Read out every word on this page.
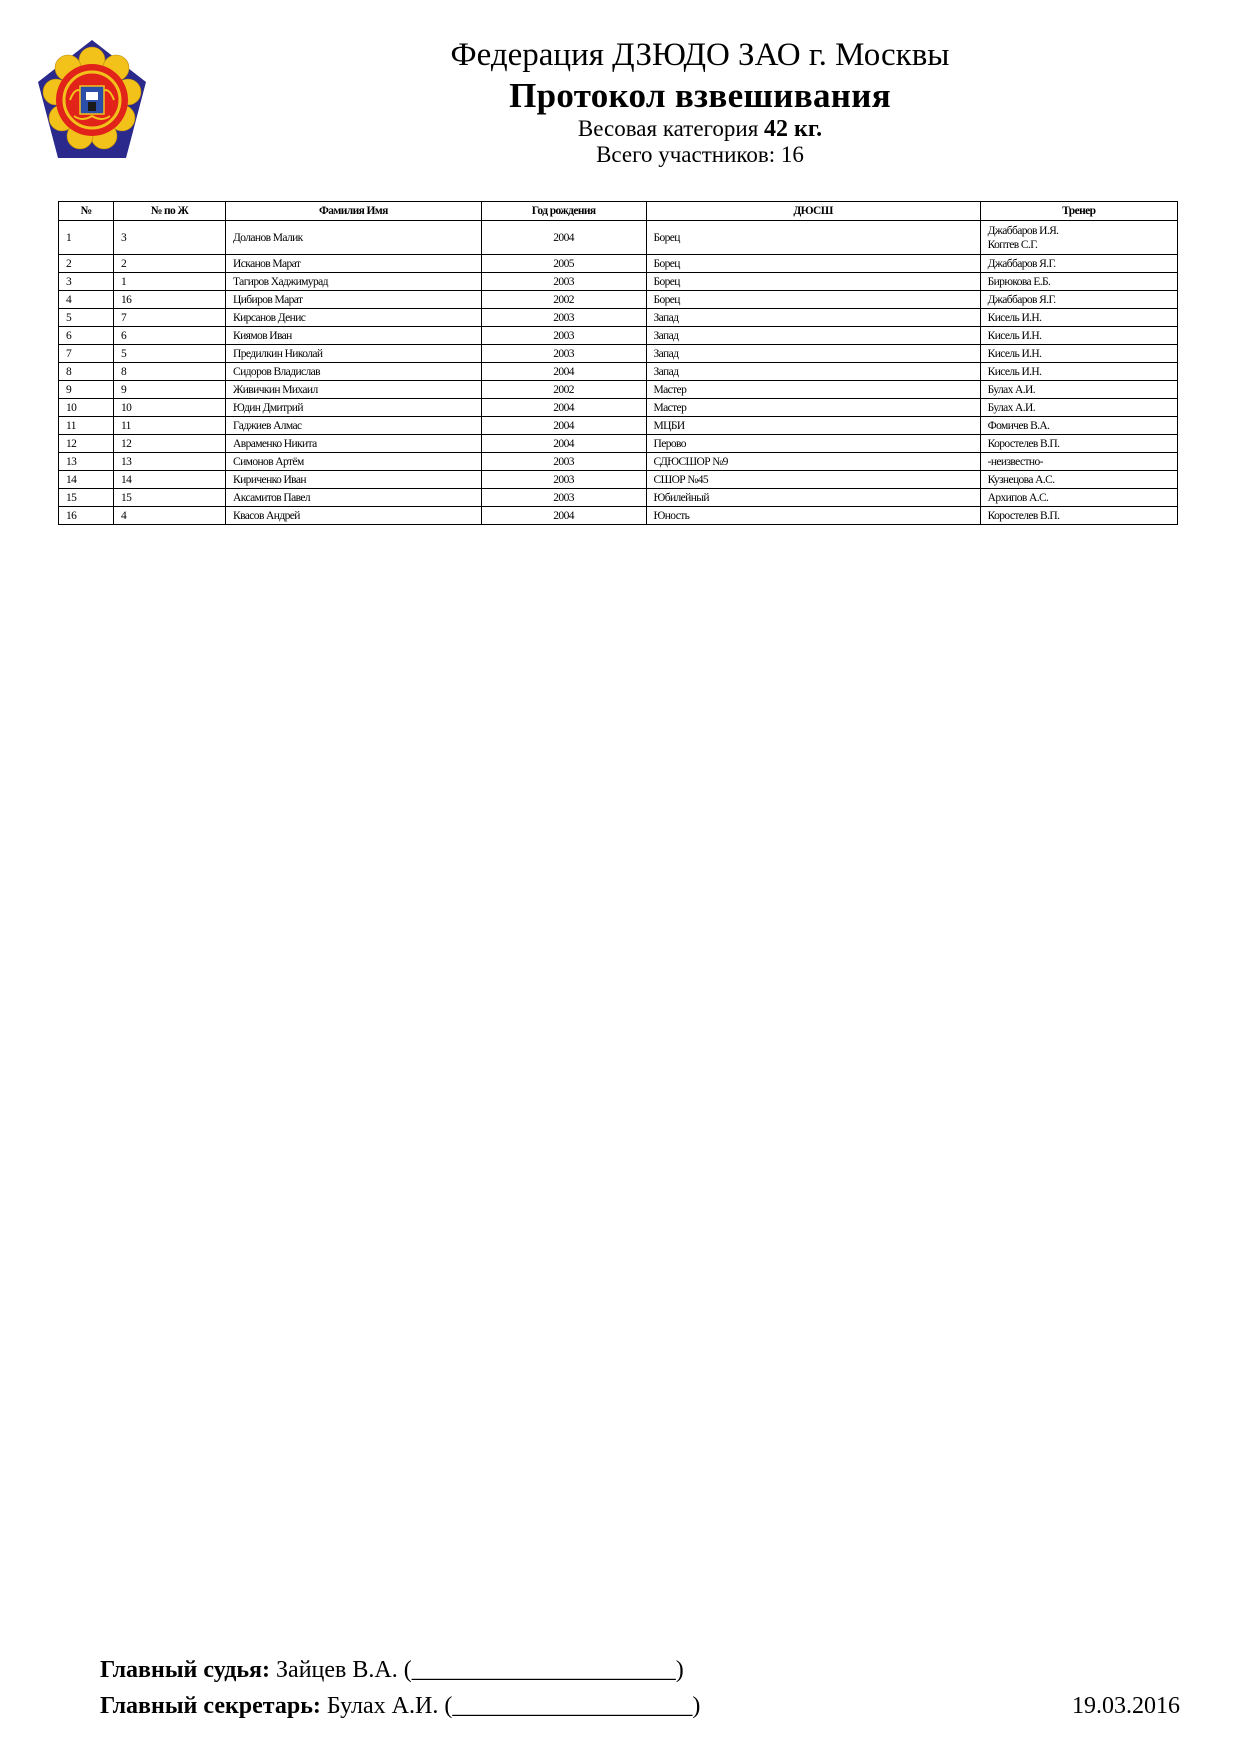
Федерация ДЗЮДО ЗАО г. Москвы
Протокол взвешивания
Весовая категория 42 кг.
Всего участников: 16
№	№ по Ж	Фамилия Имя	Год рождения	ДЮСШ	Тренер
1	3	Доланов Малик	2004	Борец	Джаббаров И.Я.
Коптев С.Г.

2	2	Исканов Марат	2005	Борец	Джаббаров Я.Г.

3	1	Тагиров Хаджимурад	2003	Борец	Бирюкова Е.Б.

4	16	Цибиров Марат	2002	Борец	Джаббаров Я.Г.

5	7	Кирсанов Денис	2003	Запад	Кисель И.Н.

6	6	Киямов Иван	2003	Запад	Кисель И.Н.

7	5	Предилкин Николай	2003	Запад	Кисель И.Н.

8	8	Сидоров Владислав	2004	Запад	Кисель И.Н.

9	9	Живичкин Михаил	2002	Мастер	Булах А.И.

10	10	Юдин Дмитрий	2004	Мастер	Булах А.И.

11	11	Гаджиев Алмас	2004	МЦБИ	Фомичев В.А.

12	12	Авраменко Никита	2004	Перово	Коростелев В.П.

13	13	Симонов Артём	2003	СДЮСШОР №9	-неизвестно-

14	14	Кириченко Иван	2003	СШОР №45	Кузнецова А.С.

15	15	Аксамитов Павел	2003	Юбилейный	Архипов А.С.

16	4	Квасов Андрей	2004	Юность	Коростелев В.П.
Главный судья: Зайцев В.А. (______________________)
Главный секретарь: Булах А.И. (____________________)	19.03.2016
